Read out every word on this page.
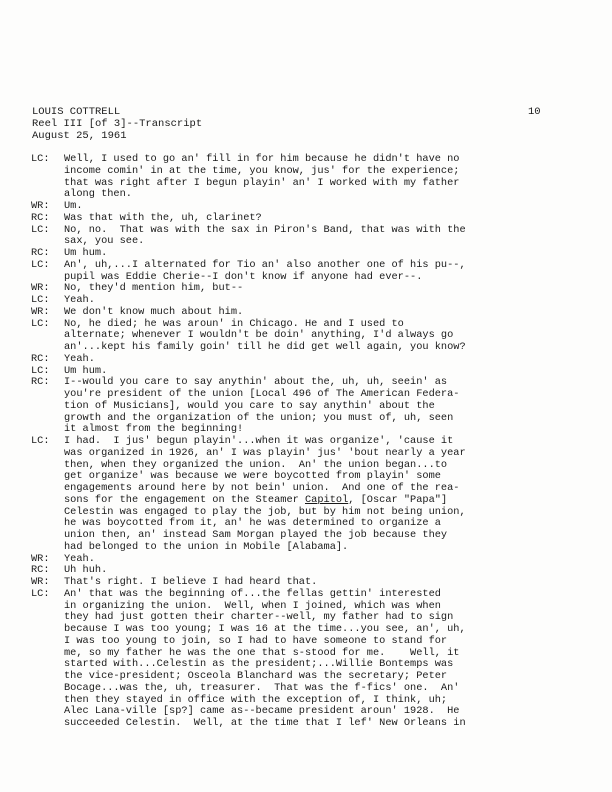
LOUIS COTTRELL
Reel III [of 3]--Transcript
August 25, 1961
10
LC:	Well, I used to go an' fill in for him because he didn't have no
income comin' in at the time, you know, jus' for the experience;
that was right after I begun playin' an' I worked with my father
along then.
WR:	Um.
RC:	Was that with the, uh, clarinet?
LC:	No, no.  That was with the sax in Piron's Band, that was with the
sax, you see.
RC:	Um hum.
LC:	An', uh,...I alternated for Tio an' also another one of his pu--,
pupil was Eddie Cherie--I don't know if anyone had ever--.
WR:	No, they'd mention him, but--
LC:	Yeah.
WR:	We don't know much about him.
LC:	No, he died; he was aroun' in Chicago. He and I used to
alternate; whenever I wouldn't be doin' anything, I'd always go
an'...kept his family goin' till he did get well again, you know?
RC:	Yeah.
LC:	Um hum.
RC:	I--would you care to say anythin' about the, uh, uh, seein' as
you're president of the union [Local 496 of The American Federa-
tion of Musicians], would you care to say anythin' about the
growth and the organization of the union; you must of, uh, seen
it almost from the beginning!
LC:	I had.  I jus' begun playin'...when it was organize', 'cause it
was organized in 1926, an' I was playin' jus' 'bout nearly a year
then, when they organized the union.  An' the union began...to
get organize' was because we were boycotted from playin' some
engagements around here by not bein' union.  And one of the rea-
sons for the engagement on the Steamer Capitol, [Oscar "Papa"]
Celestin was engaged to play the job, but by him not being union,
he was boycotted from it, an' he was determined to organize a
union then, an' instead Sam Morgan played the job because they
had belonged to the union in Mobile [Alabama].
WR:	Yeah.
RC:	Uh huh.
WR:	That's right. I believe I had heard that.
LC:	An' that was the beginning of...the fellas gettin' interested
in organizing the union.  Well, when I joined, which was when
they had just gotten their charter--well, my father had to sign
because I was too young; I was 16 at the time...you see, an', uh,
I was too young to join, so I had to have someone to stand for
me, so my father he was the one that s-stood for me.    Well, it
started with...Celestin as the president;...Willie Bontemps was
the vice-president; Osceola Blanchard was the secretary; Peter
Bocage...was the, uh, treasurer.  That was the f-fics' one.  An'
then they stayed in office with the exception of, I think, uh;
Alec Lana-ville [sp?] came as--became president aroun' 1928.  He
succeeded Celestin.  Well, at the time that I lef' New Orleans in
